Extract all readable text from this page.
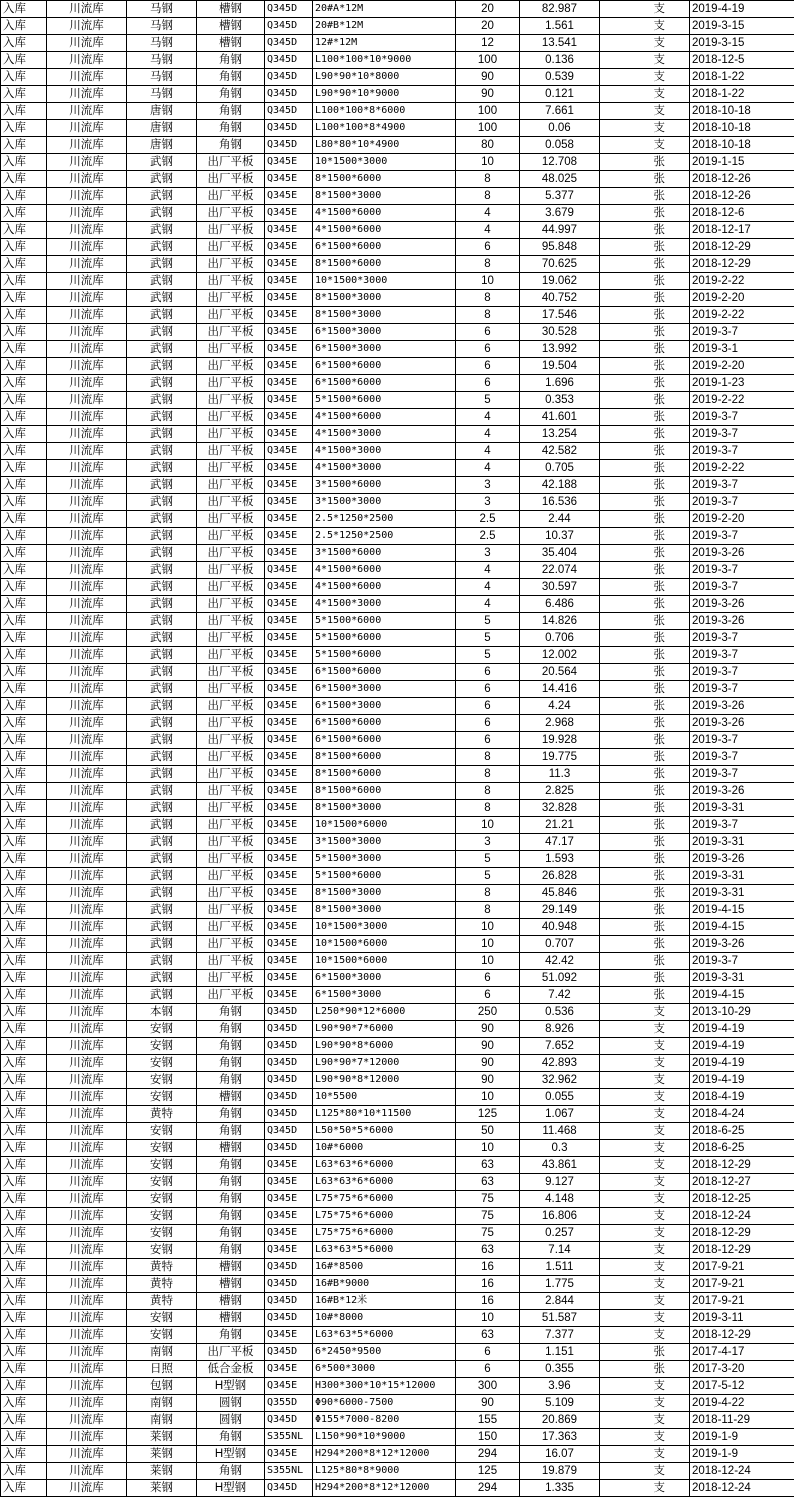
入库	川流库	马钢	槽钢	Q345D	20#A*12M	20	82.987	支	2019-4-19
入库	川流库	马钢	槽钢	Q345D	20#B*12M	20	1.561	支	2019-3-15
入库	川流库	马钢	槽钢	Q345D	12#*12M	12	13.541	支	2019-3-15
入库	川流库	马钢	角钢	Q345D	L100*100*10*9000	100	0.136	支	2018-12-5
入库	川流库	马钢	角钢	Q345D	L90*90*10*8000	90	0.539	支	2018-1-22
入库	川流库	马钢	角钢	Q345D	L90*90*10*9000	90	0.121	支	2018-1-22
入库	川流库	唐钢	角钢	Q345D	L100*100*8*6000	100	7.661	支	2018-10-18
入库	川流库	唐钢	角钢	Q345D	L100*100*8*4900	100	0.06	支	2018-10-18
入库	川流库	唐钢	角钢	Q345D	L80*80*10*4900	80	0.058	支	2018-10-18
入库	川流库	武钢	出厂平板	Q345E	10*1500*3000	10	12.708	张	2019-1-15
入库	川流库	武钢	出厂平板	Q345E	8*1500*6000	8	48.025	张	2018-12-26
入库	川流库	武钢	出厂平板	Q345E	8*1500*3000	8	5.377	张	2018-12-26
入库	川流库	武钢	出厂平板	Q345E	4*1500*6000	4	3.679	张	2018-12-6
入库	川流库	武钢	出厂平板	Q345E	4*1500*6000	4	44.997	张	2018-12-17
入库	川流库	武钢	出厂平板	Q345E	6*1500*6000	6	95.848	张	2018-12-29
入库	川流库	武钢	出厂平板	Q345E	8*1500*6000	8	70.625	张	2018-12-29
入库	川流库	武钢	出厂平板	Q345E	10*1500*3000	10	19.062	张	2019-2-22
入库	川流库	武钢	出厂平板	Q345E	8*1500*3000	8	40.752	张	2019-2-20
入库	川流库	武钢	出厂平板	Q345E	8*1500*3000	8	17.546	张	2019-2-22
入库	川流库	武钢	出厂平板	Q345E	6*1500*3000	6	30.528	张	2019-3-7
入库	川流库	武钢	出厂平板	Q345E	6*1500*3000	6	13.992	张	2019-3-1
入库	川流库	武钢	出厂平板	Q345E	6*1500*6000	6	19.504	张	2019-2-20
入库	川流库	武钢	出厂平板	Q345E	6*1500*6000	6	1.696	张	2019-1-23
入库	川流库	武钢	出厂平板	Q345E	5*1500*6000	5	0.353	张	2019-2-22
入库	川流库	武钢	出厂平板	Q345E	4*1500*6000	4	41.601	张	2019-3-7
入库	川流库	武钢	出厂平板	Q345E	4*1500*3000	4	13.254	张	2019-3-7
入库	川流库	武钢	出厂平板	Q345E	4*1500*3000	4	42.582	张	2019-3-7
入库	川流库	武钢	出厂平板	Q345E	4*1500*3000	4	0.705	张	2019-2-22
入库	川流库	武钢	出厂平板	Q345E	3*1500*6000	3	42.188	张	2019-3-7
入库	川流库	武钢	出厂平板	Q345E	3*1500*3000	3	16.536	张	2019-3-7
入库	川流库	武钢	出厂平板	Q345E	2.5*1250*2500	2.5	2.44	张	2019-2-20
入库	川流库	武钢	出厂平板	Q345E	2.5*1250*2500	2.5	10.37	张	2019-3-7
入库	川流库	武钢	出厂平板	Q345E	3*1500*6000	3	35.404	张	2019-3-26
入库	川流库	武钢	出厂平板	Q345E	4*1500*6000	4	22.074	张	2019-3-7
入库	川流库	武钢	出厂平板	Q345E	4*1500*6000	4	30.597	张	2019-3-7
入库	川流库	武钢	出厂平板	Q345E	4*1500*3000	4	6.486	张	2019-3-26
入库	川流库	武钢	出厂平板	Q345E	5*1500*6000	5	14.826	张	2019-3-26
入库	川流库	武钢	出厂平板	Q345E	5*1500*6000	5	0.706	张	2019-3-7
入库	川流库	武钢	出厂平板	Q345E	5*1500*6000	5	12.002	张	2019-3-7
入库	川流库	武钢	出厂平板	Q345E	6*1500*6000	6	20.564	张	2019-3-7
入库	川流库	武钢	出厂平板	Q345E	6*1500*3000	6	14.416	张	2019-3-7
入库	川流库	武钢	出厂平板	Q345E	6*1500*3000	6	4.24	张	2019-3-26
入库	川流库	武钢	出厂平板	Q345E	6*1500*6000	6	2.968	张	2019-3-26
入库	川流库	武钢	出厂平板	Q345E	6*1500*6000	6	19.928	张	2019-3-7
入库	川流库	武钢	出厂平板	Q345E	8*1500*6000	8	19.775	张	2019-3-7
入库	川流库	武钢	出厂平板	Q345E	8*1500*6000	8	11.3	张	2019-3-7
入库	川流库	武钢	出厂平板	Q345E	8*1500*6000	8	2.825	张	2019-3-26
入库	川流库	武钢	出厂平板	Q345E	8*1500*3000	8	32.828	张	2019-3-31
入库	川流库	武钢	出厂平板	Q345E	10*1500*6000	10	21.21	张	2019-3-7
入库	川流库	武钢	出厂平板	Q345E	3*1500*3000	3	47.17	张	2019-3-31
入库	川流库	武钢	出厂平板	Q345E	5*1500*3000	5	1.593	张	2019-3-26
入库	川流库	武钢	出厂平板	Q345E	5*1500*6000	5	26.828	张	2019-3-31
入库	川流库	武钢	出厂平板	Q345E	8*1500*3000	8	45.846	张	2019-3-31
入库	川流库	武钢	出厂平板	Q345E	8*1500*3000	8	29.149	张	2019-4-15
入库	川流库	武钢	出厂平板	Q345E	10*1500*3000	10	40.948	张	2019-4-15
入库	川流库	武钢	出厂平板	Q345E	10*1500*6000	10	0.707	张	2019-3-26
入库	川流库	武钢	出厂平板	Q345E	10*1500*6000	10	42.42	张	2019-3-7
入库	川流库	武钢	出厂平板	Q345E	6*1500*3000	6	51.092	张	2019-3-31
入库	川流库	武钢	出厂平板	Q345E	6*1500*3000	6	7.42	张	2019-4-15
入库	川流库	本钢	角钢	Q345D	L250*90*12*6000	250	0.536	支	2013-10-29
入库	川流库	安钢	角钢	Q345D	L90*90*7*6000	90	8.926	支	2019-4-19
入库	川流库	安钢	角钢	Q345D	L90*90*8*6000	90	7.652	支	2019-4-19
入库	川流库	安钢	角钢	Q345D	L90*90*7*12000	90	42.893	支	2019-4-19
入库	川流库	安钢	角钢	Q345D	L90*90*8*12000	90	32.962	支	2019-4-19
入库	川流库	安钢	槽钢	Q345D	10*5500	10	0.055	支	2018-4-19
入库	川流库	黄特	角钢	Q345D	L125*80*10*11500	125	1.067	支	2018-4-24
入库	川流库	安钢	角钢	Q345D	L50*50*5*6000	50	11.468	支	2018-6-25
入库	川流库	安钢	槽钢	Q345D	10#*6000	10	0.3	支	2018-6-25
入库	川流库	安钢	角钢	Q345E	L63*63*6*6000	63	43.861	支	2018-12-29
入库	川流库	安钢	角钢	Q345E	L63*63*6*6000	63	9.127	支	2018-12-27
入库	川流库	安钢	角钢	Q345E	L75*75*6*6000	75	4.148	支	2018-12-25
入库	川流库	安钢	角钢	Q345E	L75*75*6*6000	75	16.806	支	2018-12-24
入库	川流库	安钢	角钢	Q345E	L75*75*6*6000	75	0.257	支	2018-12-29
入库	川流库	安钢	角钢	Q345E	L63*63*5*6000	63	7.14	支	2018-12-29
入库	川流库	黄特	槽钢	Q345D	16#*8500	16	1.511	支	2017-9-21
入库	川流库	黄特	槽钢	Q345D	16#B*9000	16	1.775	支	2017-9-21
入库	川流库	黄特	槽钢	Q345D	16#B*12米	16	2.844	支	2017-9-21
入库	川流库	安钢	槽钢	Q345D	10#*8000	10	51.587	支	2019-3-11
入库	川流库	安钢	角钢	Q345E	L63*63*5*6000	63	7.377	支	2018-12-29
入库	川流库	南钢	出厂平板	Q345D	6*2450*9500	6	1.151	张	2017-4-17
入库	川流库	日照	低合金板	Q345E	6*500*3000	6	0.355	张	2017-3-20
入库	川流库	包钢	H型钢	Q345E	H300*300*10*15*12000	300	3.96	支	2017-5-12
入库	川流库	南钢	圆钢	Q355D	Φ90*6000-7500	90	5.109	支	2019-4-22
入库	川流库	南钢	圆钢	Q345D	Φ155*7000-8200	155	20.869	支	2018-11-29
入库	川流库	莱钢	角钢	S355NL	L150*90*10*9000	150	17.363	支	2019-1-9
入库	川流库	莱钢	H型钢	Q345E	H294*200*8*12*12000	294	16.07	支	2019-1-9
入库	川流库	莱钢	角钢	S355NL	L125*80*8*9000	125	19.879	支	2018-12-24
入库	川流库	莱钢	H型钢	Q345D	H294*200*8*12*12000	294	1.335	支	2018-12-24
